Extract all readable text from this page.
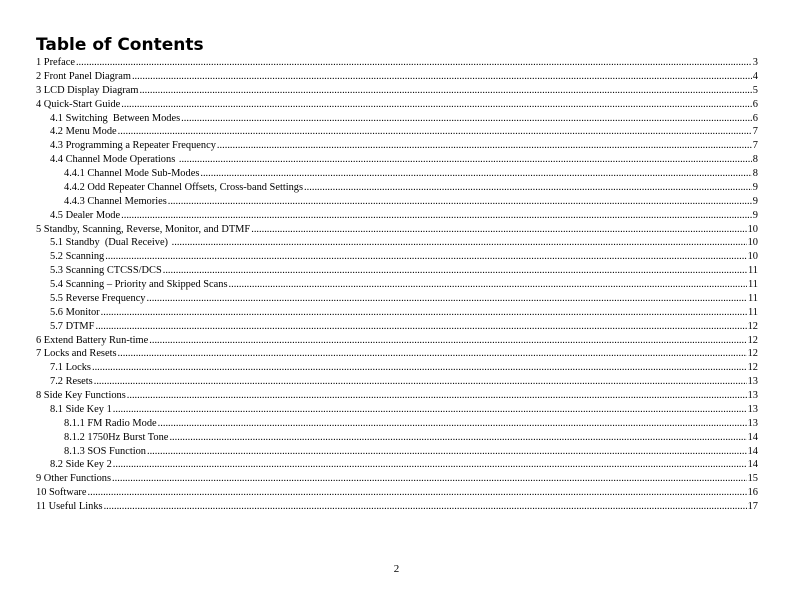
Table of Contents
1 Preface .....	3
2 Front Panel Diagram .....	4
3 LCD Display Diagram .....	5
4 Quick-Start Guide .....	6
4.1 Switching  Between Modes .....	6
4.2 Menu Mode .....	7
4.3 Programming a Repeater Frequency .....	7
4.4 Channel Mode Operations .....	8
4.4.1 Channel Mode Sub-Modes .....	8
4.4.2 Odd Repeater Channel Offsets, Cross-band Settings .....	9
4.4.3 Channel Memories .....	9
4.5 Dealer Mode .....	9
5 Standby, Scanning, Reverse, Monitor, and DTMF .....	10
5.1 Standby  (Dual Receive) .....	10
5.2 Scanning .....	10
5.3 Scanning CTCSS/DCS .....	11
5.4 Scanning – Priority and Skipped Scans .....	11
5.5 Reverse Frequency .....	11
5.6 Monitor .....	11
5.7 DTMF .....	12
6 Extend Battery Run-time .....	12
7 Locks and Resets .....	12
7.1 Locks .....	12
7.2 Resets .....	13
8 Side Key Functions .....	13
8.1 Side Key 1 .....	13
8.1.1 FM Radio Mode .....	13
8.1.2 1750Hz Burst Tone .....	14
8.1.3 SOS Function .....	14
8.2 Side Key 2 .....	14
9 Other Functions .....	15
10 Software .....	16
11 Useful Links .....	17
2
